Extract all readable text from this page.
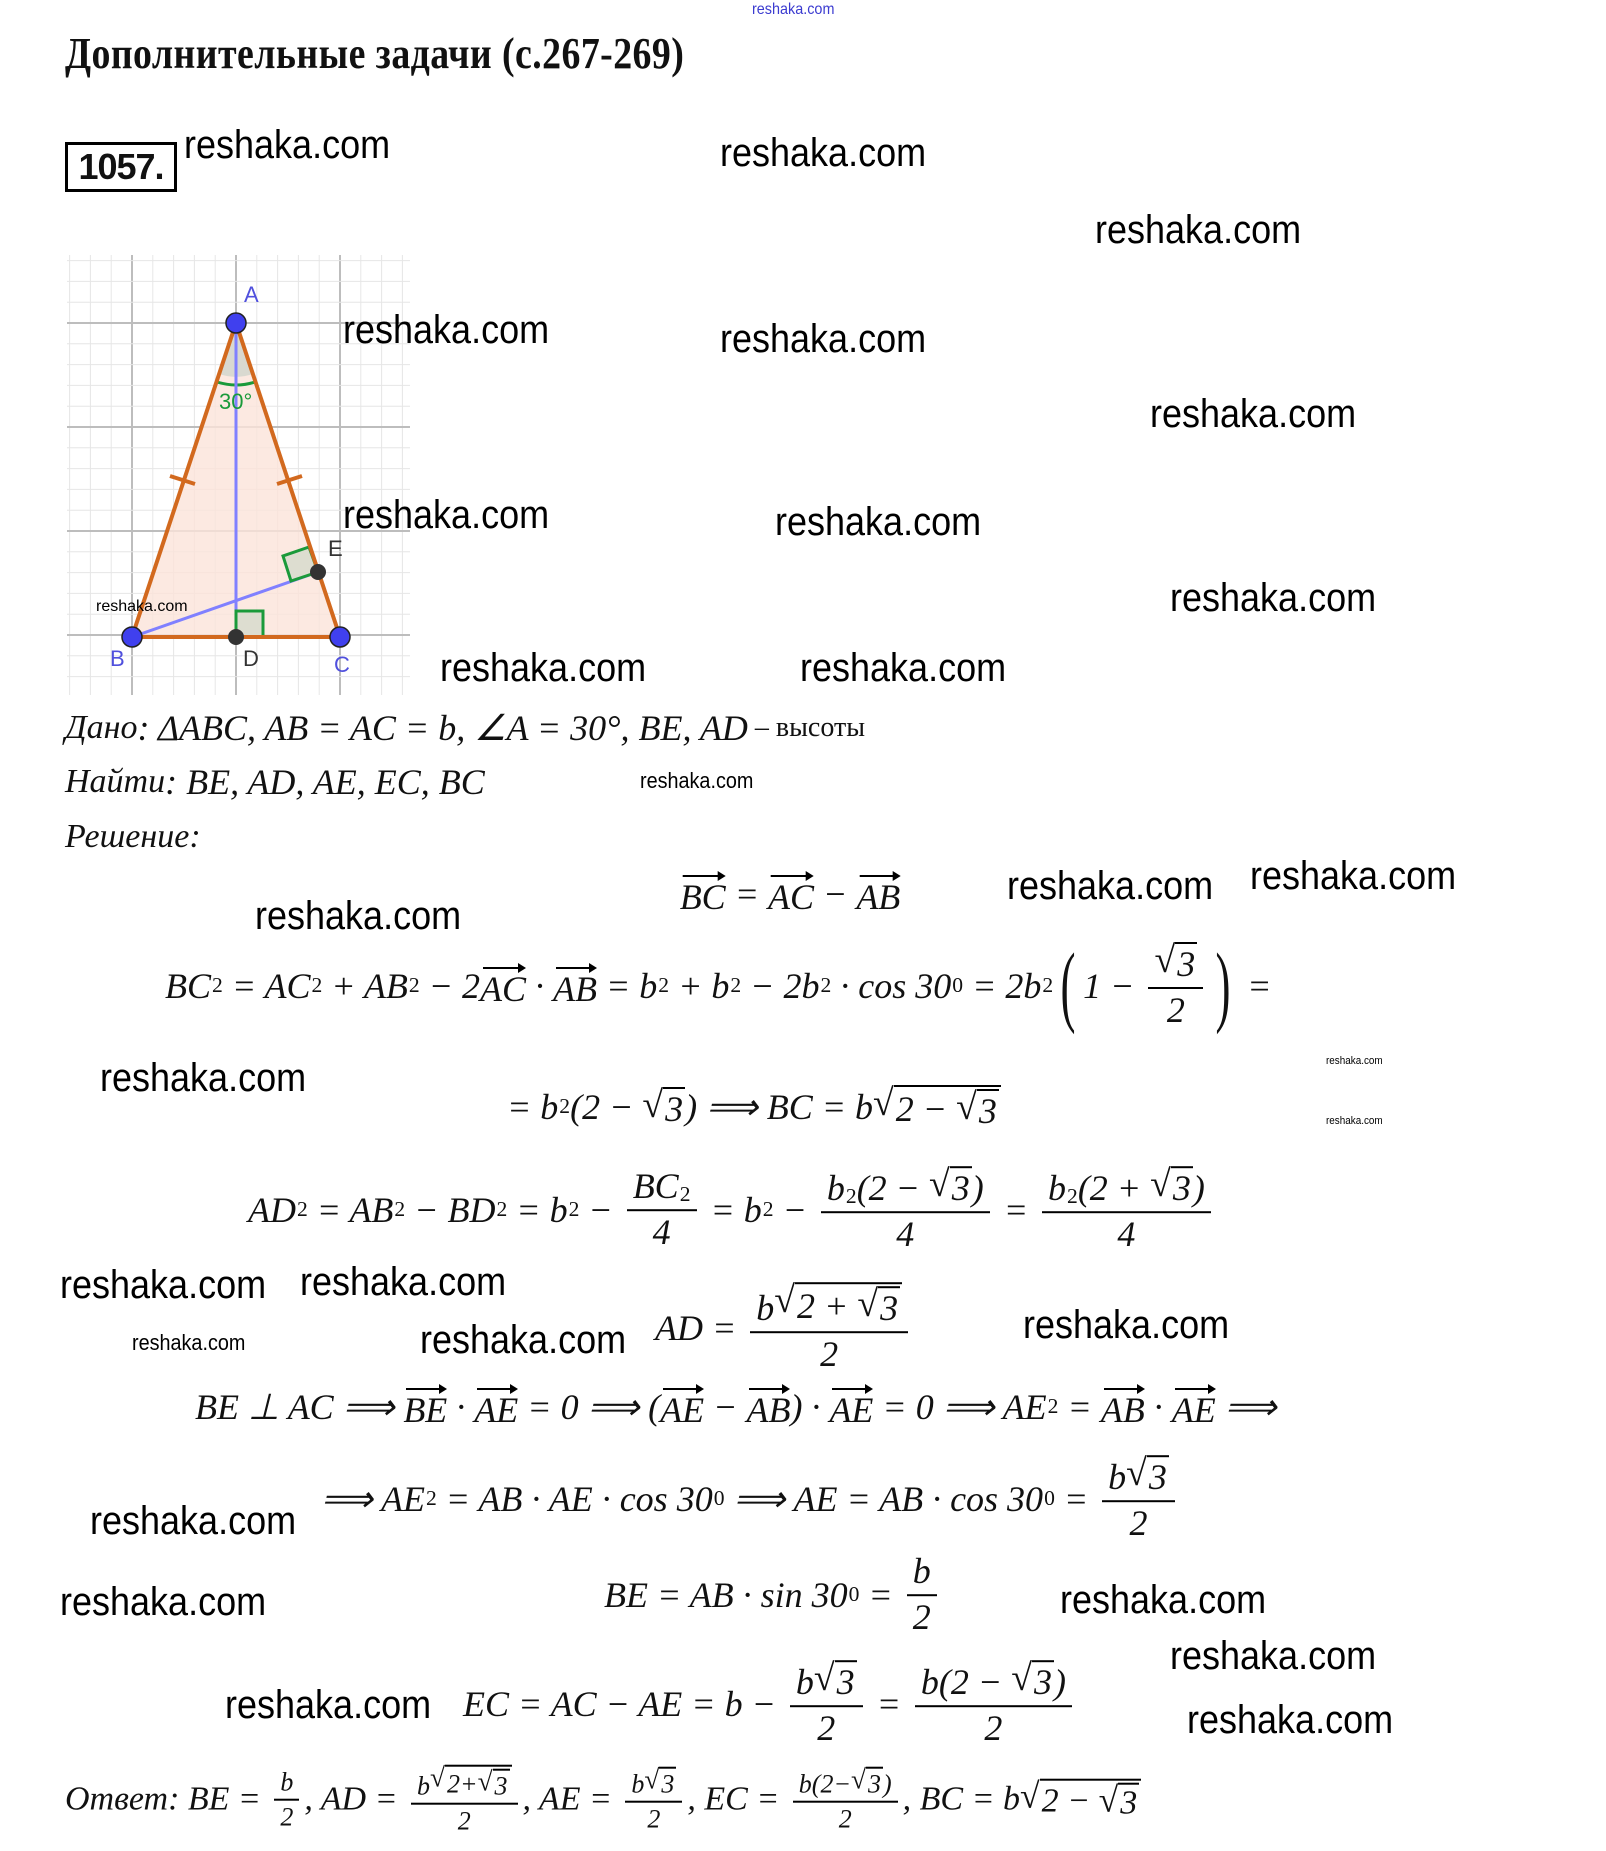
reshaka.com
Дополнительные задачи (с.267-269)
1057.
A
B	C
D
E
30°
reshaka.com
Дано : ΔABC, AB = AC = b, ∠A = 30°, BE, AD – высоты
Найти : BE, AD, AE, EC, BC
Решение:
BC = AC − AB
BC 2 = AC 2 + AB 2 − 2 AC · AB = b 2 + b 2 − 2b 2 · cos 30 0 = 2b 2 ( $1 - \frac{√ 3}{2}$ ) =
= b 2 (2 − √ 3 ) ⟹ BC = b √ 2 − √ 3
AD 2 = AB 2 − BD 2 = b $2 - \frac{BC 2}{4} = b$ $2 - \frac{b 2 (2 - √ 3 )}{4} = \frac{b 2 (2 + √ 3 )}{4}$
AD = $\frac{b √ 2 + √ 3}{2}$
BE ⊥ AC ⟹ BE · AE = 0 ⟹ ( AE − AB ) · AE = 0 ⟹ AE 2 = AB · AE ⟹
⟹ AE 2 = AB · AE · cos 30 0 ⟹ AE = AB · cos 30 $0 = \frac{b √ 3}{2}$
BE = AB · sin 30 $0 = \frac{b}{2}$
EC = AC − AE = $b - \frac{b √ 3}{2} = \frac{b(2 - √ 3 )}{2}$
Ответ : BE = $\frac{b}{2}$ , AD = $\frac{b √ 2+ √ 3}{2}$ , AE = $\frac{b √ 3}{2}$ , EC = $\frac{b(2- √ 3 )}{2}$ , BC = b √ 2 − √ 3
reshaka.com	reshaka.com
reshaka.com
reshaka.com	reshaka.com
reshaka.com
reshaka.com	reshaka.com
reshaka.com
reshaka.com	reshaka.com
reshaka.com
reshaka.com reshaka.com
reshaka.com
reshaka.com
reshaka.com
reshaka.com reshaka.com
reshaka.com
reshaka.com	reshaka.com	reshaka.com
reshaka.com
reshaka.com	reshaka.com
reshaka.com
reshaka.com
reshaka.com
